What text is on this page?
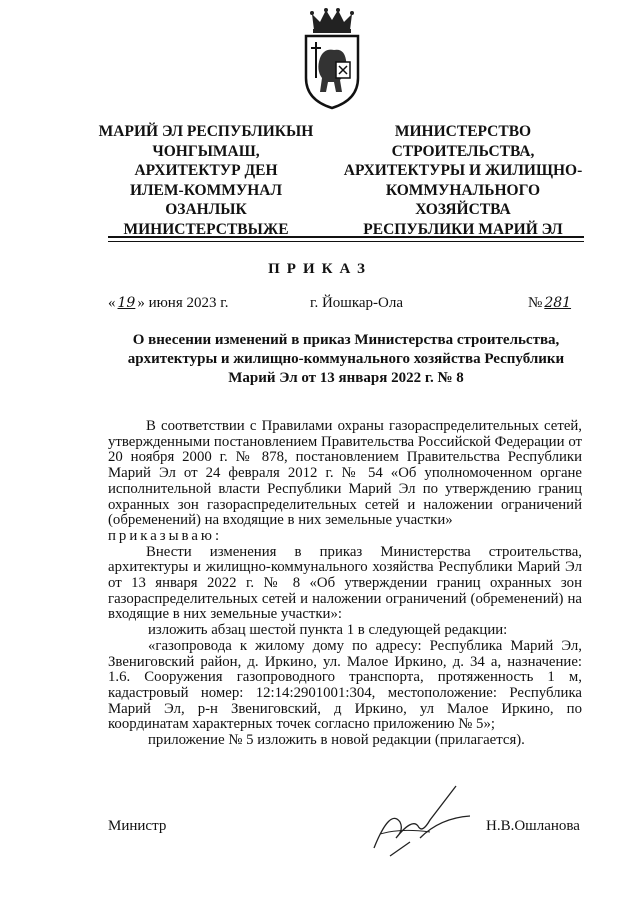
МАРИЙ ЭЛ РЕСПУБЛИКЫН
ЧОНГЫМАШ,
АРХИТЕКТУР ДЕН
ИЛЕМ-КОММУНАЛ
ОЗАНЛЫК
МИНИСТЕРСТВЫЖЕ
МИНИСТЕРСТВО
СТРОИТЕЛЬСТВА,
АРХИТЕКТУРЫ И ЖИЛИЩНО-
КОММУНАЛЬНОГО
ХОЗЯЙСТВА
РЕСПУБЛИКИ МАРИЙ ЭЛ
ПРИКАЗ
« 19 » июня 2023 г.	г. Йошкар-Ола	№ 281
О внесении изменений в приказ Министерства строительства,
архитектуры и жилищно-коммунального хозяйства Республики
Марий Эл от 13 января 2022 г. № 8

В соответствии с Правилами охраны газораспределительных сетей, утвержденными постановлением Правительства Российской Федерации от 20 ноября 2000 г. № 878, постановлением Правительства Республики Марий Эл от 24 февраля 2012 г. № 54 «Об уполномоченном органе исполнительной власти Республики Марий Эл по утверждению границ охранных зон газораспределительных сетей и наложении ограничений (обременений) на входящие в них земельные участки»

приказываю:

Внести изменения в приказ Министерства строительства, архитектуры и жилищно-коммунального хозяйства Республики Марий Эл от 13 января 2022 г. № 8 «Об утверждении границ охранных зон газораспределительных сетей и наложении ограничений (обременений) на входящие в них земельные участки»:

изложить абзац шестой пункта 1 в следующей редакции:

«газопровода к жилому дому по адресу: Республика Марий Эл, Звениговский район, д. Иркино, ул. Малое Иркино, д. 34 а, назначение: 1.6. Сооружения газопроводного транспорта, протяженность 1 м, кадастровый номер: 12:14:2901001:304, местоположение: Республика Марий Эл, р-н Звениговский, д Иркино, ул Малое Иркино, по координатам характерных точек согласно приложению № 5»;

приложение № 5 изложить в новой редакции (прилагается).

Министр	Н.В.Ошланова
